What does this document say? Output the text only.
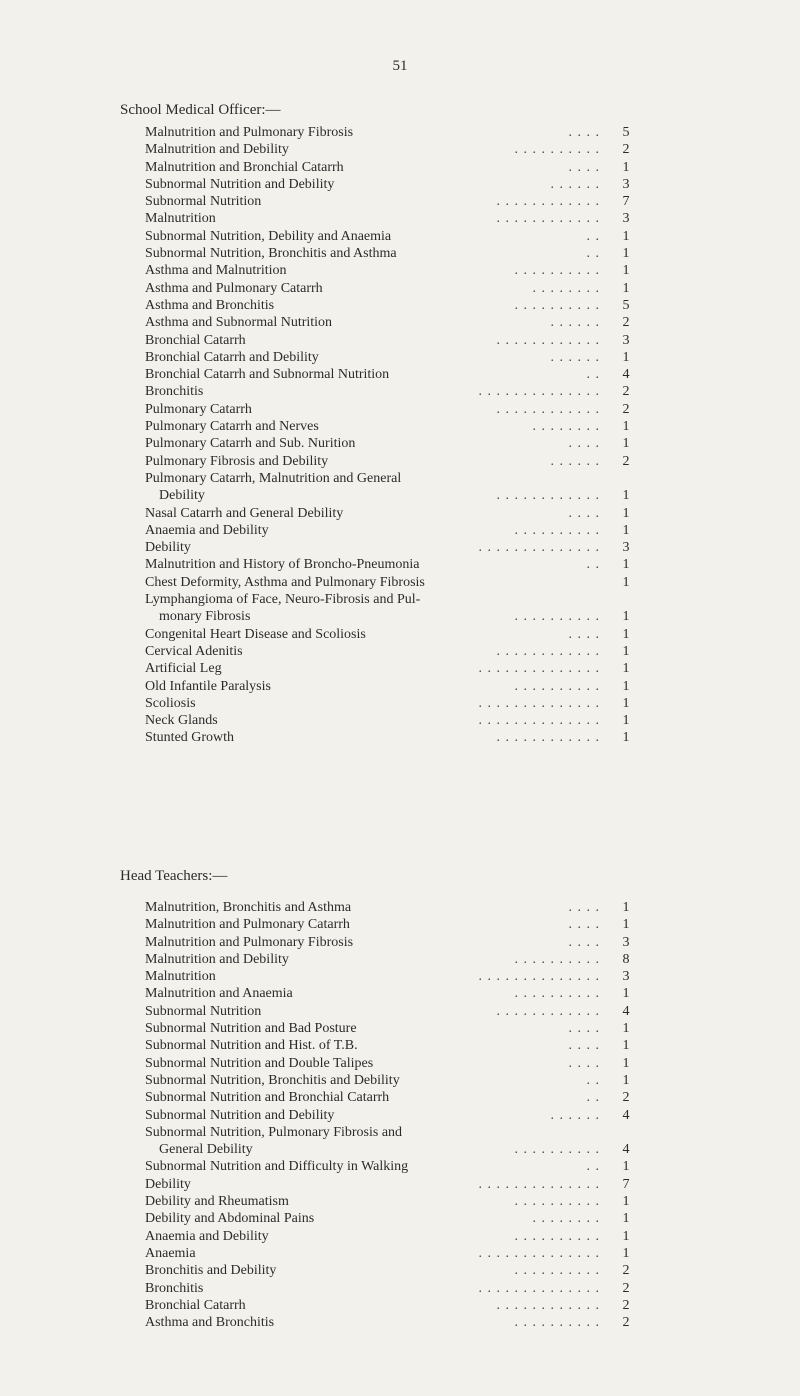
51
School Medical Officer:—
Malnutrition and Pulmonary Fibrosis	. . . . 5
Malnutrition and Debility	. . . . . . . . . . 2
Malnutrition and Bronchial Catarrh	. . . . 1
Subnormal Nutrition and Debility	. . . . . . 3
Subnormal Nutrition	. . . . . . . . . . . . 7
Malnutrition	. . . . . . . . . . . . 3
Subnormal Nutrition, Debility and Anaemia	. . 1
Subnormal Nutrition, Bronchitis and Asthma	. . 1
Asthma and Malnutrition	. . . . . . . . . . 1
Asthma and Pulmonary Catarrh	. . . . . . . . 1
Asthma and Bronchitis	. . . . . . . . . . 5
Asthma and Subnormal Nutrition	. . . . . . 2
Bronchial Catarrh	. . . . . . . . . . . . 3
Bronchial Catarrh and Debility	. . . . . . 1
Bronchial Catarrh and Subnormal Nutrition	. . 4
Bronchitis	. . . . . . . . . . . . . . 2
Pulmonary Catarrh	. . . . . . . . . . . . 2
Pulmonary Catarrh and Nerves	. . . . . . . . 1
Pulmonary Catarrh and Sub. Nurition	. . . . 1
Pulmonary Fibrosis and Debility	. . . . . . 2
Pulmonary Catarrh, Malnutrition and General
Debility	. . . . . . . . . . . . 1
Nasal Catarrh and General Debility	. . . . 1
Anaemia and Debility	. . . . . . . . . . 1
Debility	. . . . . . . . . . . . . . 3
Malnutrition and History of Broncho-Pneumonia	. . 1
Chest Deformity, Asthma and Pulmonary Fibrosis	1
Lymphangioma of Face, Neuro-Fibrosis and Pul-
monary Fibrosis	. . . . . . . . . . 1
Congenital Heart Disease and Scoliosis	. . . . 1
Cervical Adenitis	. . . . . . . . . . . . 1
Artificial Leg	. . . . . . . . . . . . . . 1
Old Infantile Paralysis	. . . . . . . . . . 1
Scoliosis	. . . . . . . . . . . . . . 1
Neck Glands	. . . . . . . . . . . . . . 1
Stunted Growth	. . . . . . . . . . . . 1
Head Teachers:—
Malnutrition, Bronchitis and Asthma	. . . . 1
Malnutrition and Pulmonary Catarrh	. . . . 1
Malnutrition and Pulmonary Fibrosis	. . . . 3
Malnutrition and Debility	. . . . . . . . . . 8
Malnutrition	. . . . . . . . . . . . . . 3
Malnutrition and Anaemia	. . . . . . . . . . 1
Subnormal Nutrition	. . . . . . . . . . . . 4
Subnormal Nutrition and Bad Posture	. . . . 1
Subnormal Nutrition and Hist. of T.B.	. . . . 1
Subnormal Nutrition and Double Talipes	. . . . 1
Subnormal Nutrition, Bronchitis and Debility	. . 1
Subnormal Nutrition and Bronchial Catarrh	. . 2
Subnormal Nutrition and Debility	. . . . . . 4
Subnormal Nutrition, Pulmonary Fibrosis and
General Debility	. . . . . . . . . . 4
Subnormal Nutrition and Difficulty in Walking	. . 1
Debility	. . . . . . . . . . . . . . 7
Debility and Rheumatism	. . . . . . . . . . 1
Debility and Abdominal Pains	. . . . . . . . 1
Anaemia and Debility	. . . . . . . . . . 1
Anaemia	. . . . . . . . . . . . . . 1
Bronchitis and Debility	. . . . . . . . . . 2
Bronchitis	. . . . . . . . . . . . . . 2
Bronchial Catarrh	. . . . . . . . . . . . 2
Asthma and Bronchitis	. . . . . . . . . . 2
